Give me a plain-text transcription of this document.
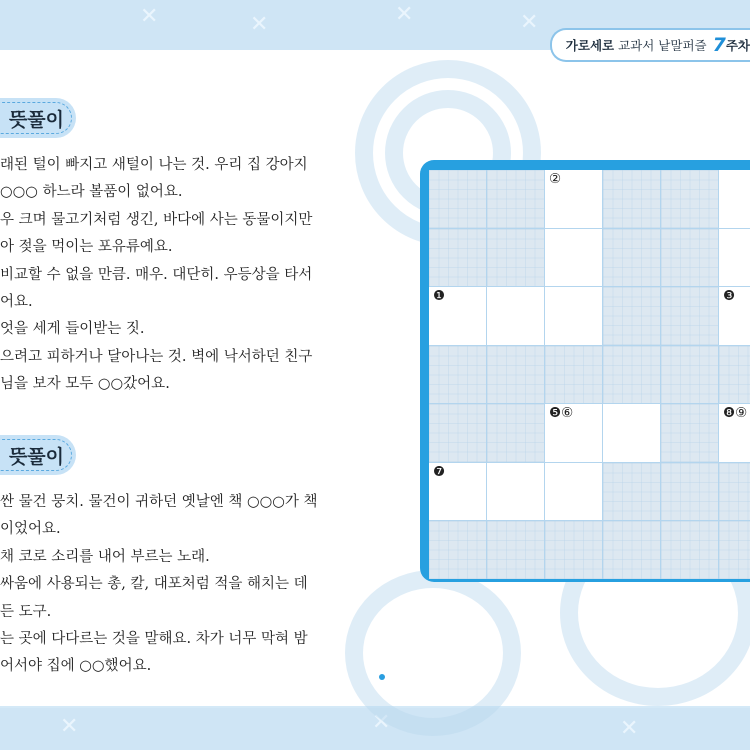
✕	✕	✕	✕
✕	✕	✕
가로세로 교과서 낱말퍼즐 7 주차
뜻풀이
래된 털이 빠지고 새털이 나는 것. 우리 집 강아지
○○○ 하느라 볼품이 없어요.
우 크며 물고기처럼 생긴, 바다에 사는 동물이지만
아 젖을 먹이는 포유류예요.
비교할 수 없을 만큼. 매우. 대단히. 우등상을 타서
어요.
엇을 세게 들이받는 짓.
으려고 피하거나 달아나는 것. 벽에 낙서하던 친구
님을 보자 모두 ○○갔어요.
뜻풀이
싼 물건 뭉치. 물건이 귀하던 옛날엔 책 ○○○가 책
이었어요.
채 코로 소리를 내어 부르는 노래.
싸움에 사용되는 총, 칼, 대포처럼 적을 해치는 데
든 도구.
는 곳에 다다르는 것을 말해요. 차가 너무 막혀 밤
어서야 집에 ○○했어요.
②
❶	❸
❺⑥	❽⑨
❼
